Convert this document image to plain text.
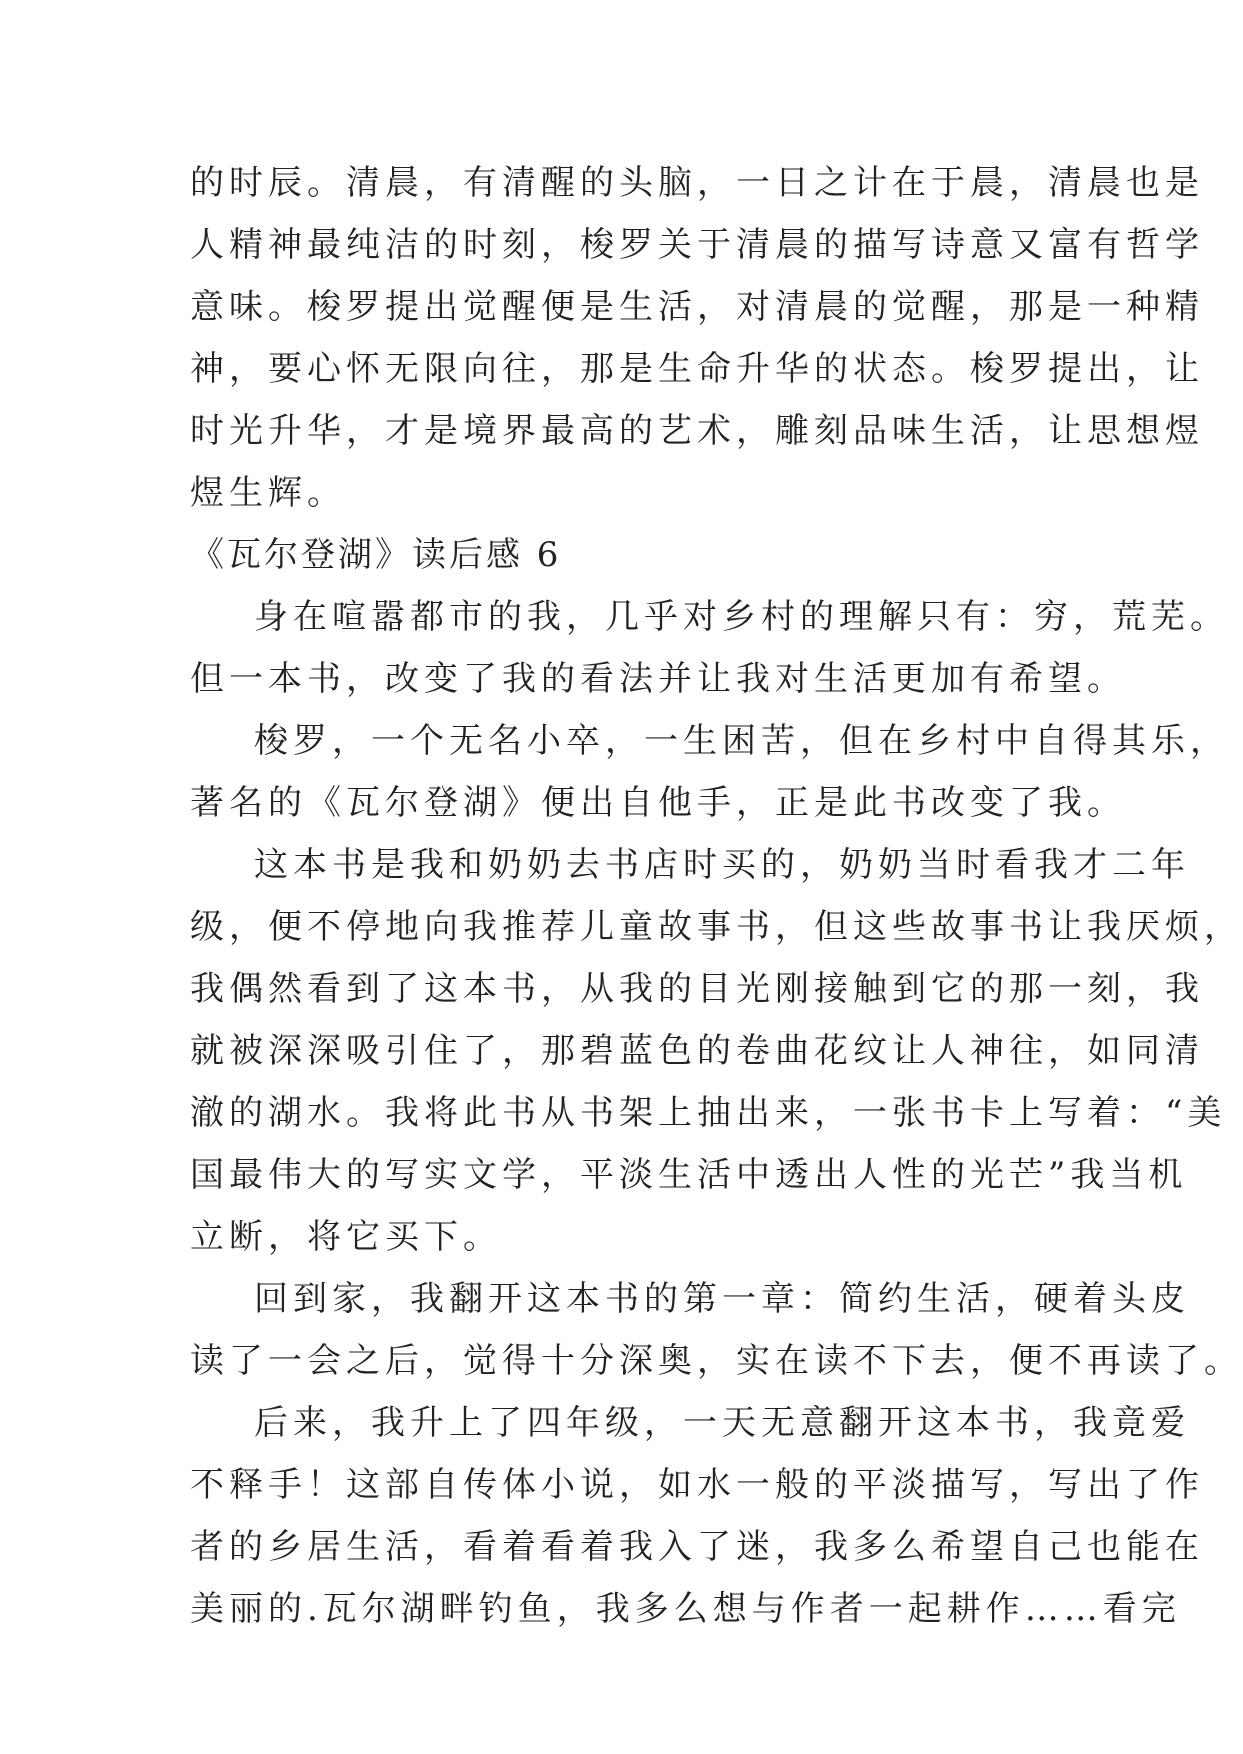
的时辰。清晨，有清醒的头脑，一日之计在于晨，清晨也是
人精神最纯洁的时刻，梭罗关于清晨的描写诗意又富有哲学
意味。梭罗提出觉醒便是生活，对清晨的觉醒，那是一种精
神，要心怀无限向往，那是生命升华的状态。梭罗提出，让
时光升华，才是境界最高的艺术，雕刻品味生活，让思想煜
煜生辉。
《瓦尔登湖》读后感 6
身在喧嚣都市的我，几乎对乡村的理解只有：穷，荒芜。
但一本书，改变了我的看法并让我对生活更加有希望。
梭罗，一个无名小卒，一生困苦，但在乡村中自得其乐，
著名的《瓦尔登湖》便出自他手，正是此书改变了我。
这本书是我和奶奶去书店时买的，奶奶当时看我才二年
级，便不停地向我推荐儿童故事书，但这些故事书让我厌烦，
我偶然看到了这本书，从我的目光刚接触到它的那一刻，我
就被深深吸引住了，那碧蓝色的卷曲花纹让人神往，如同清
澈的湖水。我将此书从书架上抽出来，一张书卡上写着：“美
国最伟大的写实文学，平淡生活中透出人性的光芒”我当机
立断，将它买下。
回到家，我翻开这本书的第一章：简约生活，硬着头皮
读了一会之后，觉得十分深奥，实在读不下去，便不再读了。
后来，我升上了四年级，一天无意翻开这本书，我竟爱
不释手！这部自传体小说，如水一般的平淡描写，写出了作
者的乡居生活，看着看着我入了迷，我多么希望自己也能在
美丽的.瓦尔湖畔钓鱼，我多么想与作者一起耕作……看完
